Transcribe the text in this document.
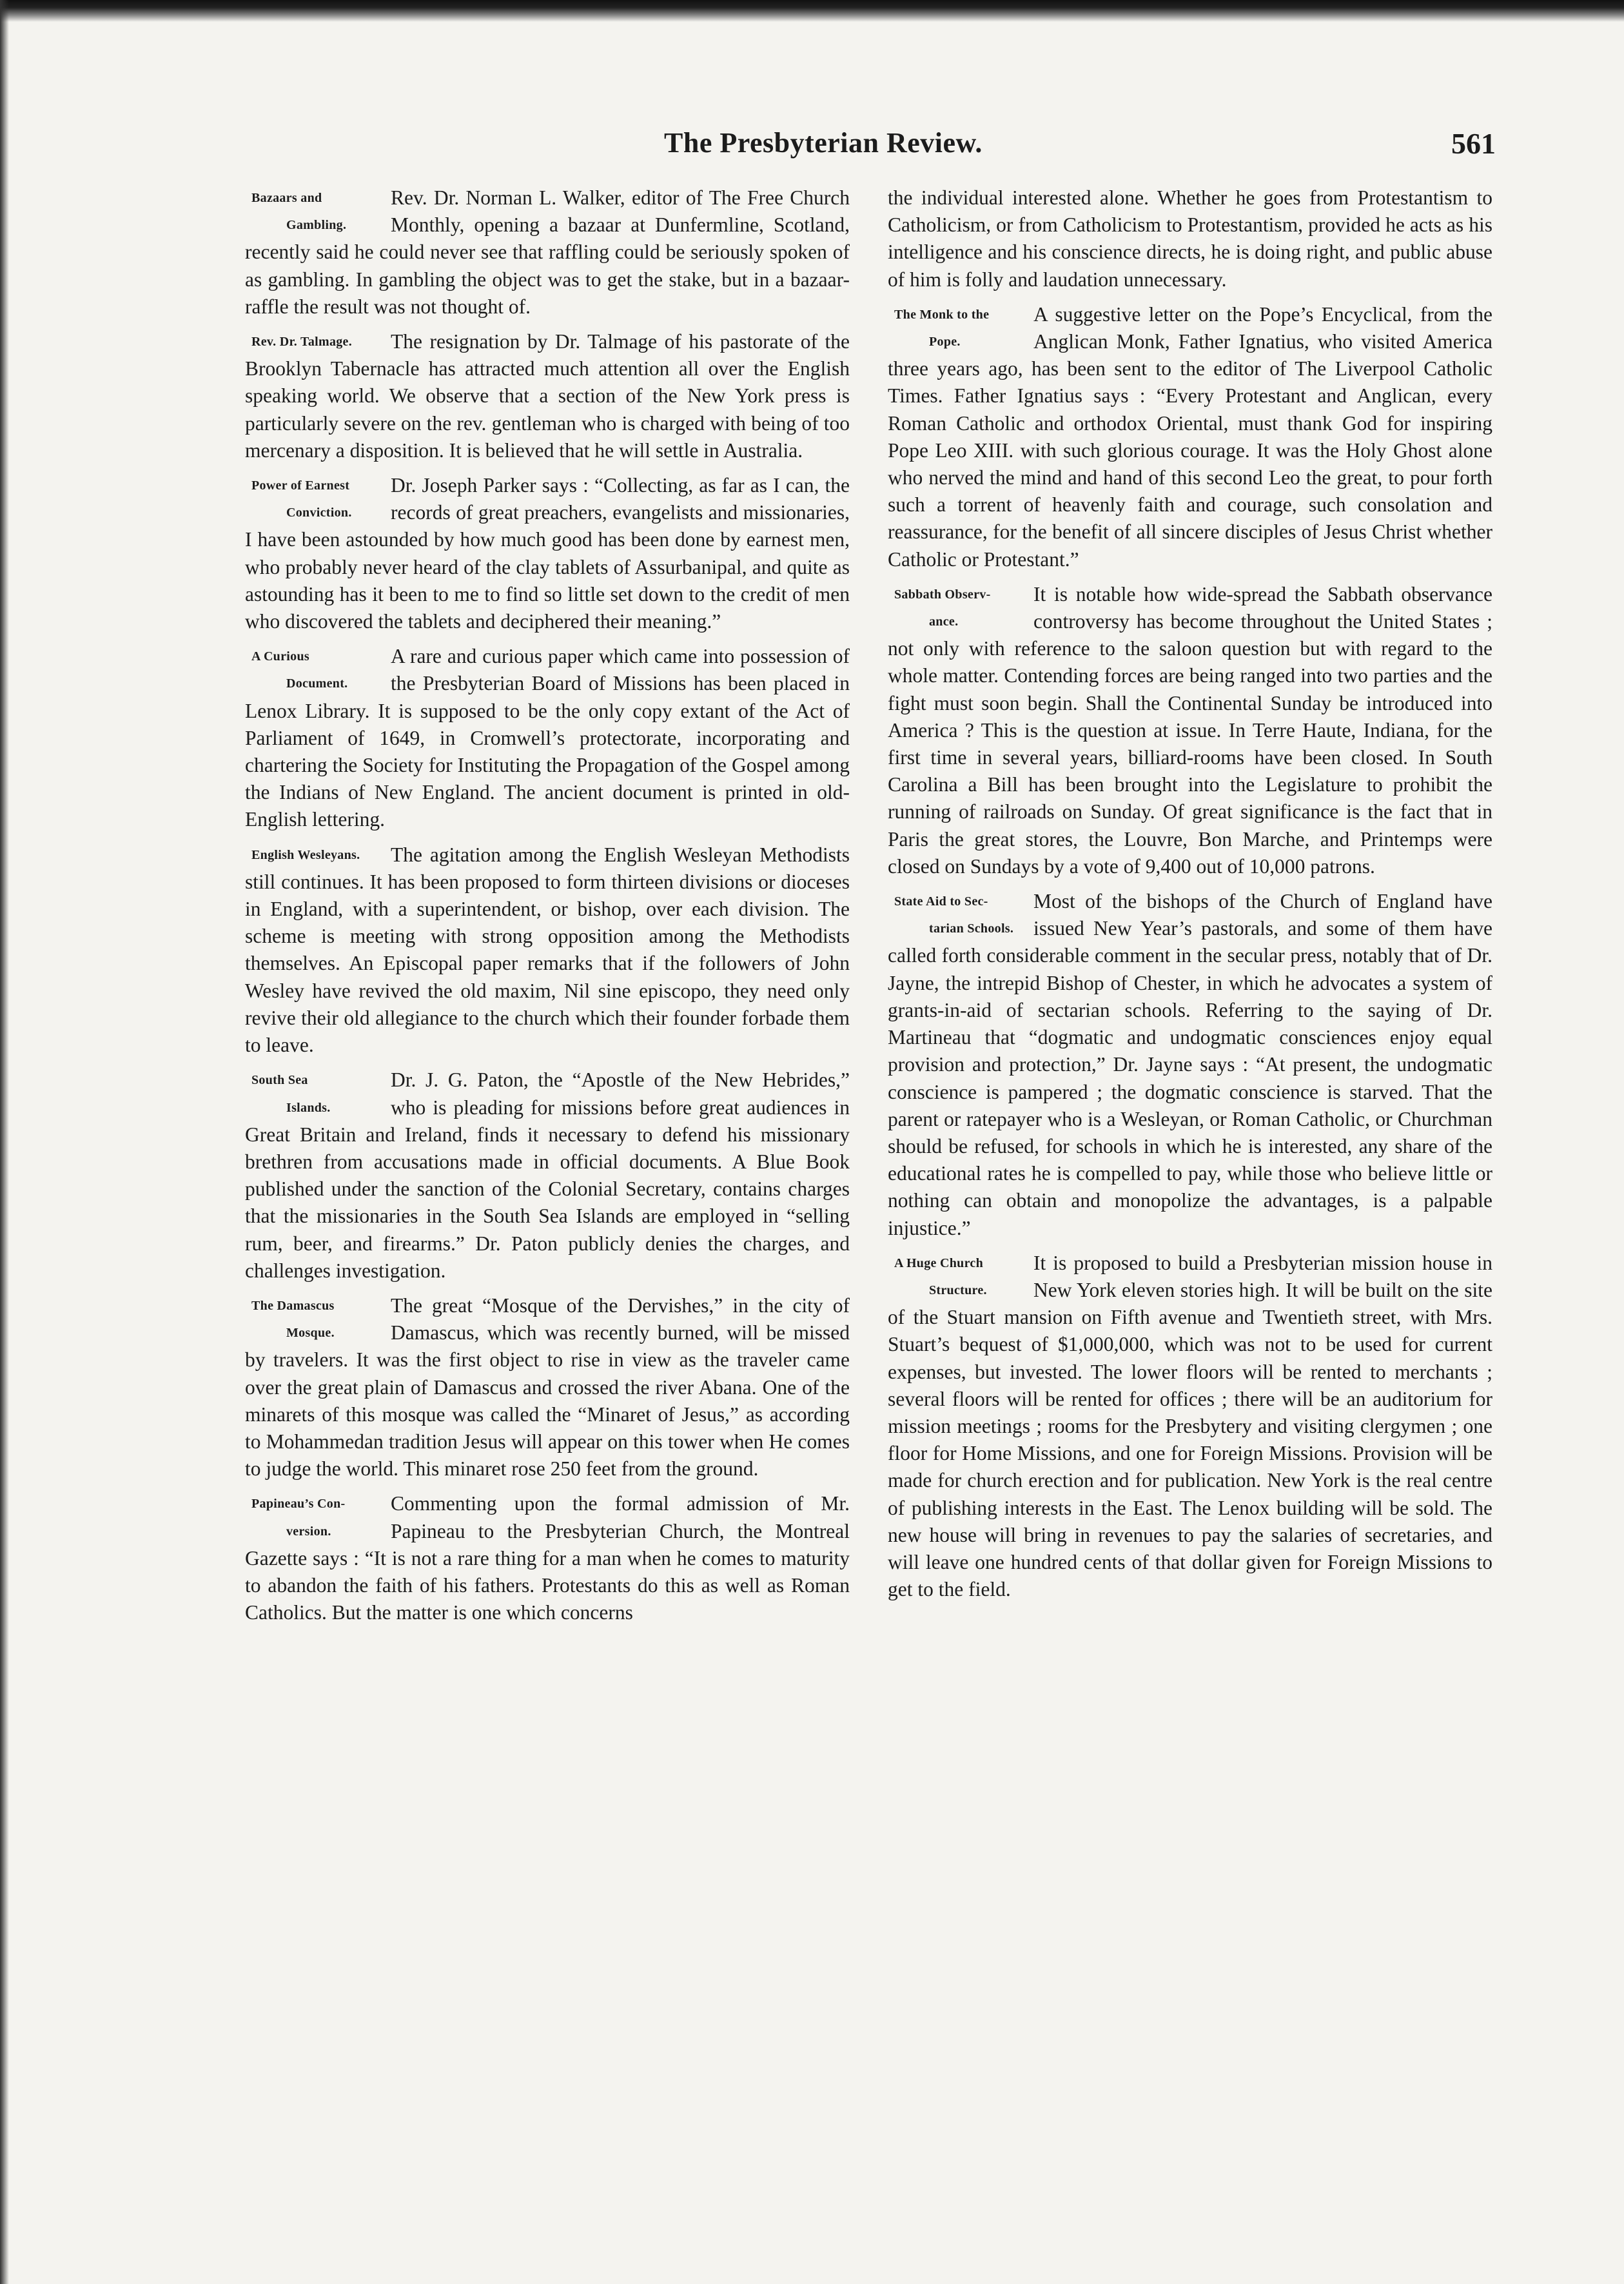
The Presbyterian Review.	561
Bazaars and
Gambling.

Rev. Dr. Norman L. Walker, editor of The Free Church Monthly, opening a bazaar at Dunfermline, Scotland, recently said he could never see that raffling could be seriously spoken of as gambling. In gambling the object was to get the stake, but in a bazaar-raffle the result was not thought of.

Rev. Dr. Talmage.	The resignation by Dr. Talmage of his pastorate of the Brooklyn Tabernacle has attracted much attention all over the English speaking world. We observe that a section of the New York press is particularly severe on the rev. gentleman who is charged with being of too mercenary a disposition. It is believed that he will settle in Australia.

Power of Earnest
Conviction.

Dr. Joseph Parker says : “Collecting, as far as I can, the records of great preachers, evangelists and missionaries, I have been astounded by how much good has been done by earnest men, who probably never heard of the clay tablets of Assurbanipal, and quite as astounding has it been to me to find so little set down to the credit of men who discovered the tablets and deciphered their meaning.”

A Curious
Document.

A rare and curious paper which came into possession of the Presbyterian Board of Missions has been placed in Lenox Library. It is supposed to be the only copy extant of the Act of Parliament of 1649, in Cromwell’s protectorate, incorporating and chartering the Society for Instituting the Propagation of the Gospel among the Indians of New England. The ancient document is printed in old-English lettering.

English Wesleyans.	The agitation among the English Wesleyan Methodists still continues. It has been proposed to form thirteen divisions or dioceses in England, with a superintendent, or bishop, over each division. The scheme is meeting with strong opposition among the Methodists themselves. An Episcopal paper remarks that if the followers of John Wesley have revived the old maxim, Nil sine episcopo, they need only revive their old allegiance to the church which their founder forbade them to leave.

South Sea
Islands.

Dr. J. G. Paton, the “Apostle of the New Hebrides,” who is pleading for missions before great audiences in Great Britain and Ireland, finds it necessary to defend his missionary brethren from accusations made in official documents. A Blue Book published under the sanction of the Colonial Secretary, contains charges that the missionaries in the South Sea Islands are employed in “selling rum, beer, and firearms.” Dr. Paton publicly denies the charges, and challenges investigation.

The Damascus
Mosque.

The great “Mosque of the Dervishes,” in the city of Damascus, which was recently burned, will be missed by travelers. It was the first object to rise in view as the traveler came over the great plain of Damascus and crossed the river Abana. One of the minarets of this mosque was called the “Minaret of Jesus,” as according to Mohammedan tradition Jesus will appear on this tower when He comes to judge the world. This minaret rose 250 feet from the ground.

Papineau’s Con-
version.

Commenting upon the formal admission of Mr. Papineau to the Presbyterian Church, the Montreal Gazette says : “It is not a rare thing for a man when he comes to maturity to abandon the faith of his fathers. Protestants do this as well as Roman Catholics. But the matter is one which concerns

the individual interested alone. Whether he goes from Protestantism to Catholicism, or from Catholicism to Protestantism, provided he acts as his intelligence and his conscience directs, he is doing right, and public abuse of him is folly and laudation unnecessary.

The Monk to the
Pope.

A suggestive letter on the Pope’s Encyclical, from the Anglican Monk, Father Ignatius, who visited America three years ago, has been sent to the editor of The Liverpool Catholic Times. Father Ignatius says : “Every Protestant and Anglican, every Roman Catholic and orthodox Oriental, must thank God for inspiring Pope Leo XIII. with such glorious courage. It was the Holy Ghost alone who nerved the mind and hand of this second Leo the great, to pour forth such a torrent of heavenly faith and courage, such consolation and reassurance, for the benefit of all sincere disciples of Jesus Christ whether Catholic or Protestant.”

Sabbath Observ-
ance.

It is notable how wide-spread the Sabbath observance controversy has become throughout the United States ; not only with reference to the saloon question but with regard to the whole matter. Contending forces are being ranged into two parties and the fight must soon begin. Shall the Continental Sunday be introduced into America ? This is the question at issue. In Terre Haute, Indiana, for the first time in several years, billiard-rooms have been closed. In South Carolina a Bill has been brought into the Legislature to prohibit the running of railroads on Sunday. Of great significance is the fact that in Paris the great stores, the Louvre, Bon Marche, and Printemps were closed on Sundays by a vote of 9,400 out of 10,000 patrons.

State Aid to Sec-
tarian Schools.

Most of the bishops of the Church of England have issued New Year’s pastorals, and some of them have called forth considerable comment in the secular press, notably that of Dr. Jayne, the intrepid Bishop of Chester, in which he advocates a system of grants-in-aid of sectarian schools. Referring to the saying of Dr. Martineau that “dogmatic and undogmatic consciences enjoy equal provision and protection,” Dr. Jayne says : “At present, the undogmatic conscience is pampered ; the dogmatic conscience is starved. That the parent or ratepayer who is a Wesleyan, or Roman Catholic, or Churchman should be refused, for schools in which he is interested, any share of the educational rates he is compelled to pay, while those who believe little or nothing can obtain and monopolize the advantages, is a palpable injustice.”

A Huge Church
Structure.

It is proposed to build a Presbyterian mission house in New York eleven stories high. It will be built on the site of the Stuart mansion on Fifth avenue and Twentieth street, with Mrs. Stuart’s bequest of $1,000,000, which was not to be used for current expenses, but invested. The lower floors will be rented to merchants ; several floors will be rented for offices ; there will be an auditorium for mission meetings ; rooms for the Presbytery and visiting clergymen ; one floor for Home Missions, and one for Foreign Missions. Provision will be made for church erection and for publication. New York is the real centre of publishing interests in the East. The Lenox building will be sold. The new house will bring in revenues to pay the salaries of secretaries, and will leave one hundred cents of that dollar given for Foreign Missions to get to the field.
